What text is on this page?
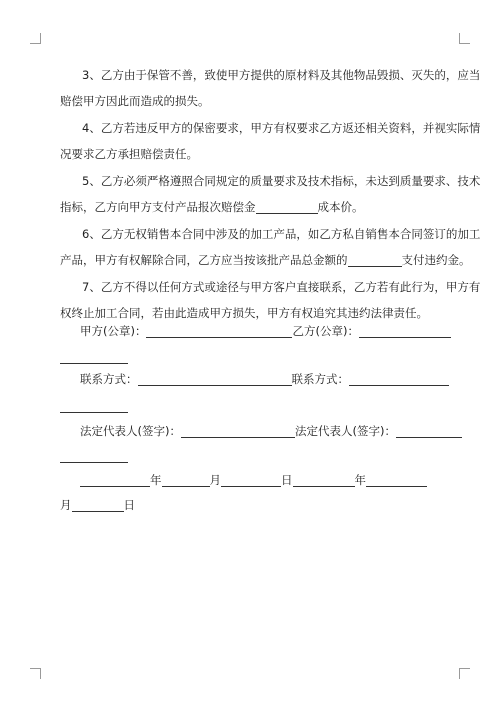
3、乙方由于保管不善，致使甲方提供的原材料及其他物品毁损、灭失的，应当
赔偿甲方因此而造成的损失。
4、乙方若违反甲方的保密要求，甲方有权要求乙方返还相关资料，并视实际情
况要求乙方承担赔偿责任。
5、乙方必须严格遵照合同规定的质量要求及技术指标，未达到质量要求、技术
指标，乙方向甲方支付产品报次赔偿金	成本价。
6、乙方无权销售本合同中涉及的加工产品，如乙方私自销售本合同签订的加工
产品，甲方有权解除合同，乙方应当按该批产品总金额的	支付违约金。
7、乙方不得以任何方式或途径与甲方客户直接联系，乙方若有此行为，甲方有
权终止加工合同，若由此造成甲方损失，甲方有权追究其违约法律责任。
甲方(公章)：	乙方(公章)：
联系方式：	联系方式：
法定代表人(签字)：	法定代表人(签字)：
年	月	日	年
月	日
